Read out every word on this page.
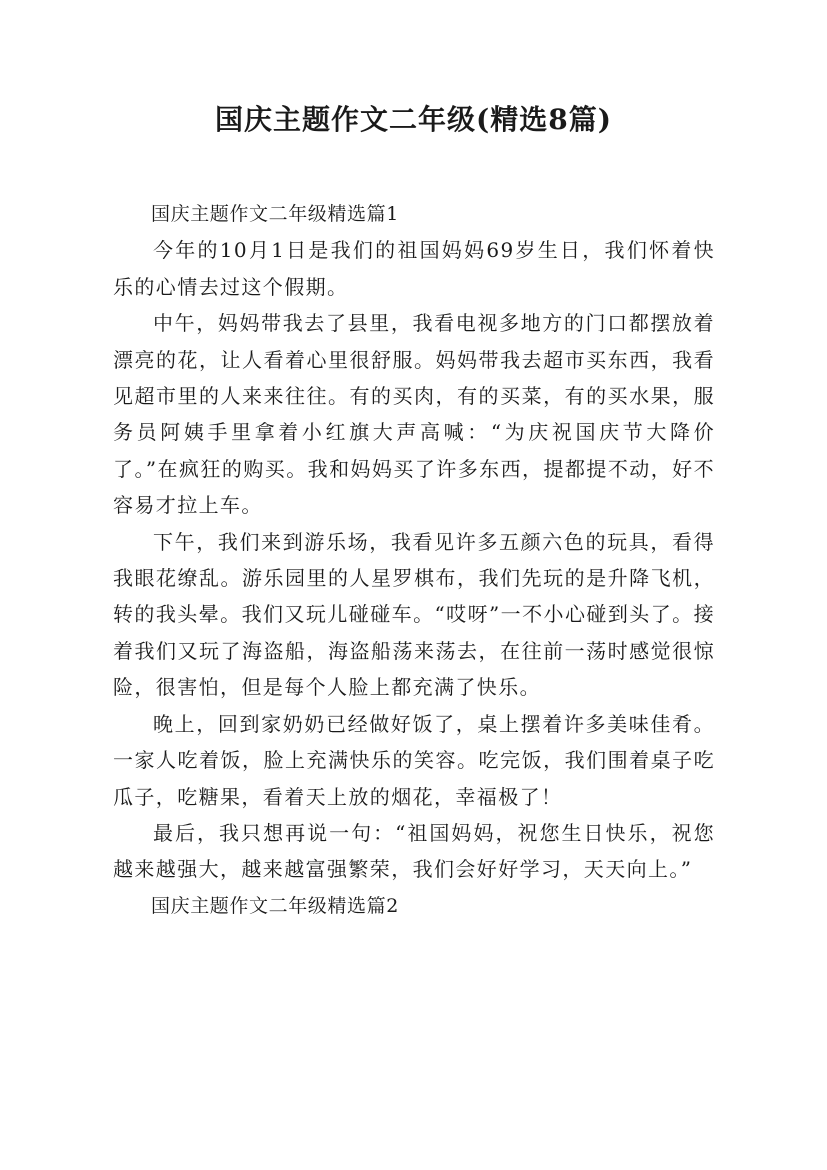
国庆主题作文二年级(精选8篇)

国庆主题作文二年级精选篇1

今年的10月1日是我们的祖国妈妈69岁生日，我们怀着快乐的心情去过这个假期。

中午，妈妈带我去了县里，我看电视多地方的门口都摆放着漂亮的花，让人看着心里很舒服。妈妈带我去超市买东西，我看见超市里的人来来往往。有的买肉，有的买菜，有的买水果，服务员阿姨手里拿着小红旗大声高喊：“为庆祝国庆节大降价了。”在疯狂的购买。我和妈妈买了许多东西，提都提不动，好不容易才拉上车。

下午，我们来到游乐场，我看见许多五颜六色的玩具，看得我眼花缭乱。游乐园里的人星罗棋布，我们先玩的是升降飞机，转的我头晕。我们又玩儿碰碰车。“哎呀”一不小心碰到头了。接着我们又玩了海盗船，海盗船荡来荡去，在往前一荡时感觉很惊险，很害怕，但是每个人脸上都充满了快乐。

晚上，回到家奶奶已经做好饭了，桌上摆着许多美味佳肴。一家人吃着饭，脸上充满快乐的笑容。吃完饭，我们围着桌子吃瓜子，吃糖果，看着天上放的烟花，幸福极了！

最后，我只想再说一句：“祖国妈妈，祝您生日快乐，祝您越来越强大，越来越富强繁荣，我们会好好学习，天天向上。”

国庆主题作文二年级精选篇2
